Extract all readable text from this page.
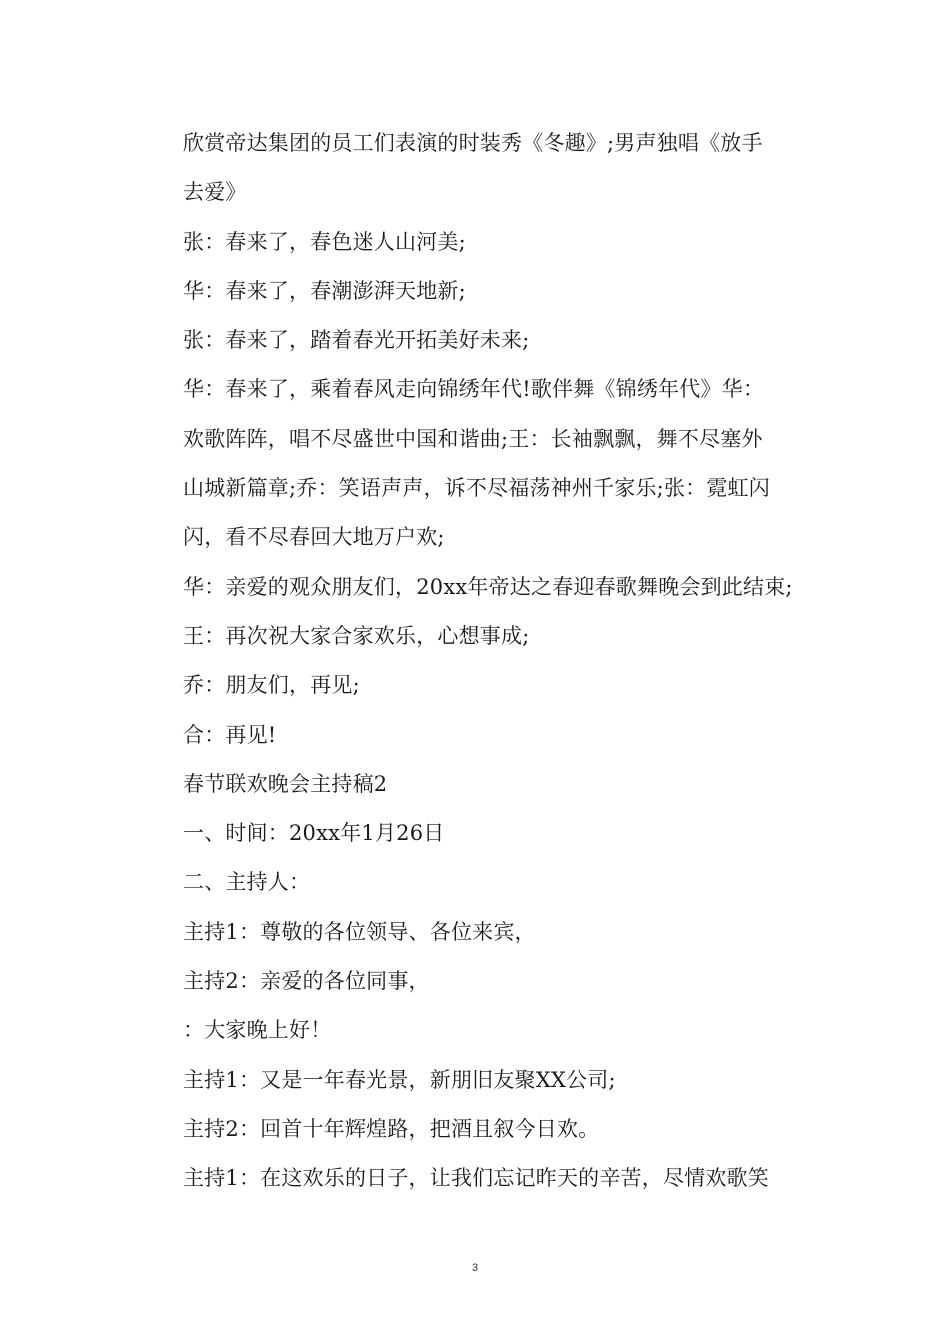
欣赏帝达集团的员工们表演的时装秀《冬趣》;男声独唱《放手
去爱》
张：春来了，春色迷人山河美;
华：春来了，春潮澎湃天地新;
张：春来了，踏着春光开拓美好未来;
华：春来了，乘着春风走向锦绣年代!歌伴舞《锦绣年代》华：
欢歌阵阵，唱不尽盛世中国和谐曲;王：长袖飘飘，舞不尽塞外
山城新篇章;乔：笑语声声，诉不尽福荡神州千家乐;张：霓虹闪
闪，看不尽春回大地万户欢;
华：亲爱的观众朋友们，20xx年帝达之春迎春歌舞晚会到此结束;
王：再次祝大家合家欢乐，心想事成;
乔：朋友们，再见;
合：再见!
春节联欢晚会主持稿2
一、时间：20xx年1月26日
二、主持人：
主持1：尊敬的各位领导、各位来宾，
主持2：亲爱的各位同事，
：大家晚上好！
主持1：又是一年春光景，新朋旧友聚XX公司;
主持2：回首十年辉煌路，把酒且叙今日欢。
主持1：在这欢乐的日子，让我们忘记昨天的辛苦，尽情欢歌笑
3
